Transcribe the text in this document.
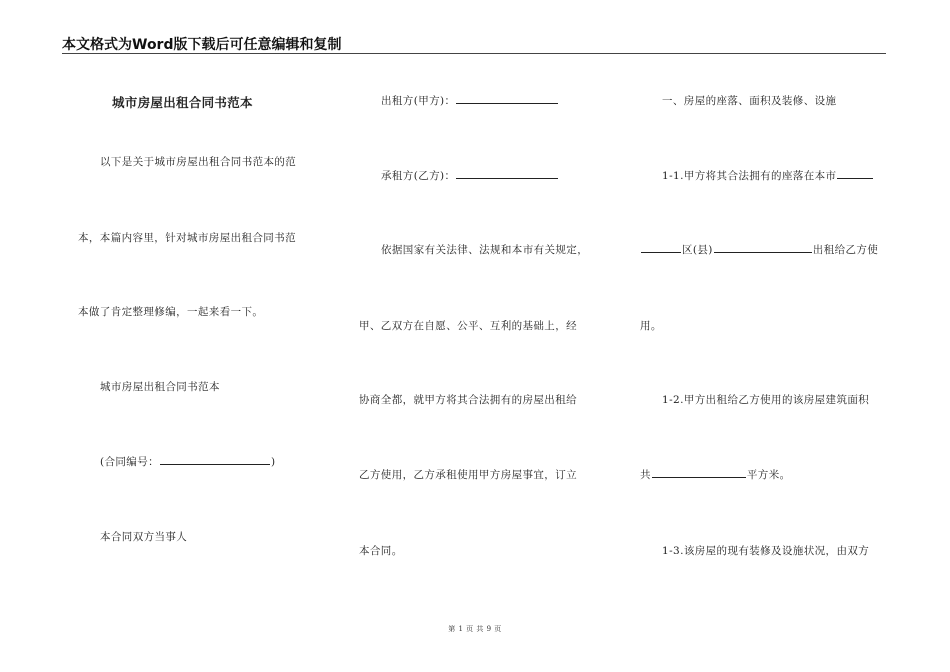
本文格式为Word版下载后可任意编辑和复制
城市房屋出租合同书范本
以下是关于城市房屋出租合同书范本的范
本，本篇内容里，针对城市房屋出租合同书范
本做了肯定整理修编，一起来看一下。
城市房屋出租合同书范本
(合同编号：	)
本合同双方当事人
出租方(甲方)：
承租方(乙方)：
依据国家有关法律、法规和本市有关规定，
甲、乙双方在自愿、公平、互利的基础上，经
协商全都，就甲方将其合法拥有的房屋出租给
乙方使用，乙方承租使用甲方房屋事宜，订立
本合同。
一、房屋的座落、面积及装修、设施
1-1.甲方将其合法拥有的座落在本市
区(县)	出租给乙方使
用。
1-2.甲方出租给乙方使用的该房屋建筑面积
共	平方米。
1-3.该房屋的现有装修及设施状况，由双方
第 1 页 共 9 页
